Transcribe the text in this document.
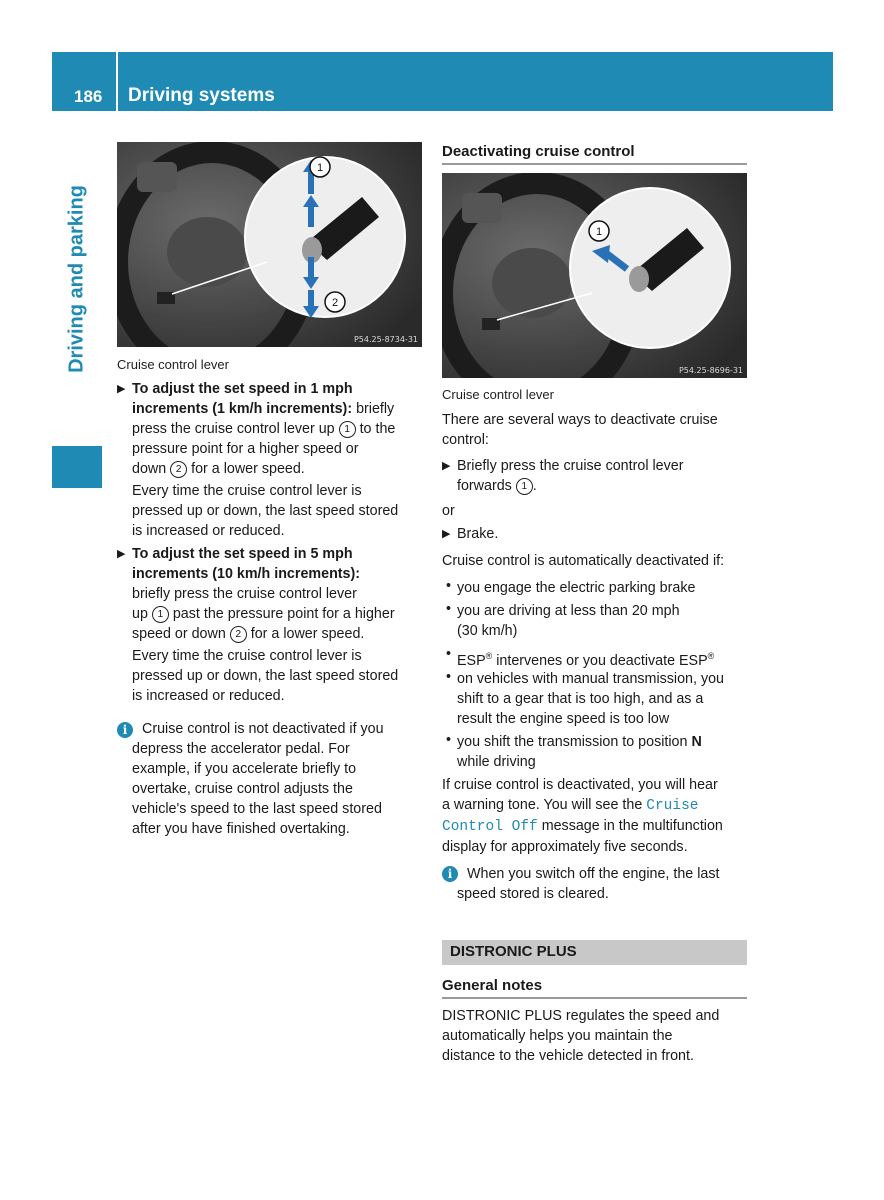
186 Driving systems
Driving and parking
1
2
P54.25-8734-31
Cruise control lever
▶ To adjust the set speed in 1 mph
increments (1 km/h increments): briefly
press the cruise control lever up 1 to the
pressure point for a higher speed or
down 2 for a lower speed.
Every time the cruise control lever is
pressed up or down, the last speed stored
is increased or reduced.
▶ To adjust the set speed in 5 mph
increments (10 km/h increments):
briefly press the cruise control lever
up 1 past the pressure point for a higher
speed or down 2 for a lower speed.
Every time the cruise control lever is
pressed up or down, the last speed stored
is increased or reduced.
i	Cruise control is not deactivated if you
depress the accelerator pedal. For
example, if you accelerate briefly to
overtake, cruise control adjusts the
vehicle's speed to the last speed stored
after you have finished overtaking.
Deactivating cruise control
1
P54.25-8696-31
Cruise control lever
There are several ways to deactivate cruise
control:
▶ Briefly press the cruise control lever
forwards 1 .
or
▶ Brake.
Cruise control is automatically deactivated if:
• you engage the electric parking brake
• you are driving at less than 20 mph
(30 km/h)
• ESP® intervenes or you deactivate ESP®
• on vehicles with manual transmission, you
shift to a gear that is too high, and as a
result the engine speed is too low
• you shift the transmission to position N
while driving
If cruise control is deactivated, you will hear
a warning tone. You will see the Cruise
Control Off message in the multifunction
display for approximately five seconds.
i	When you switch off the engine, the last
speed stored is cleared.
DISTRONIC PLUS
General notes
DISTRONIC PLUS regulates the speed and
automatically helps you maintain the
distance to the vehicle detected in front.
